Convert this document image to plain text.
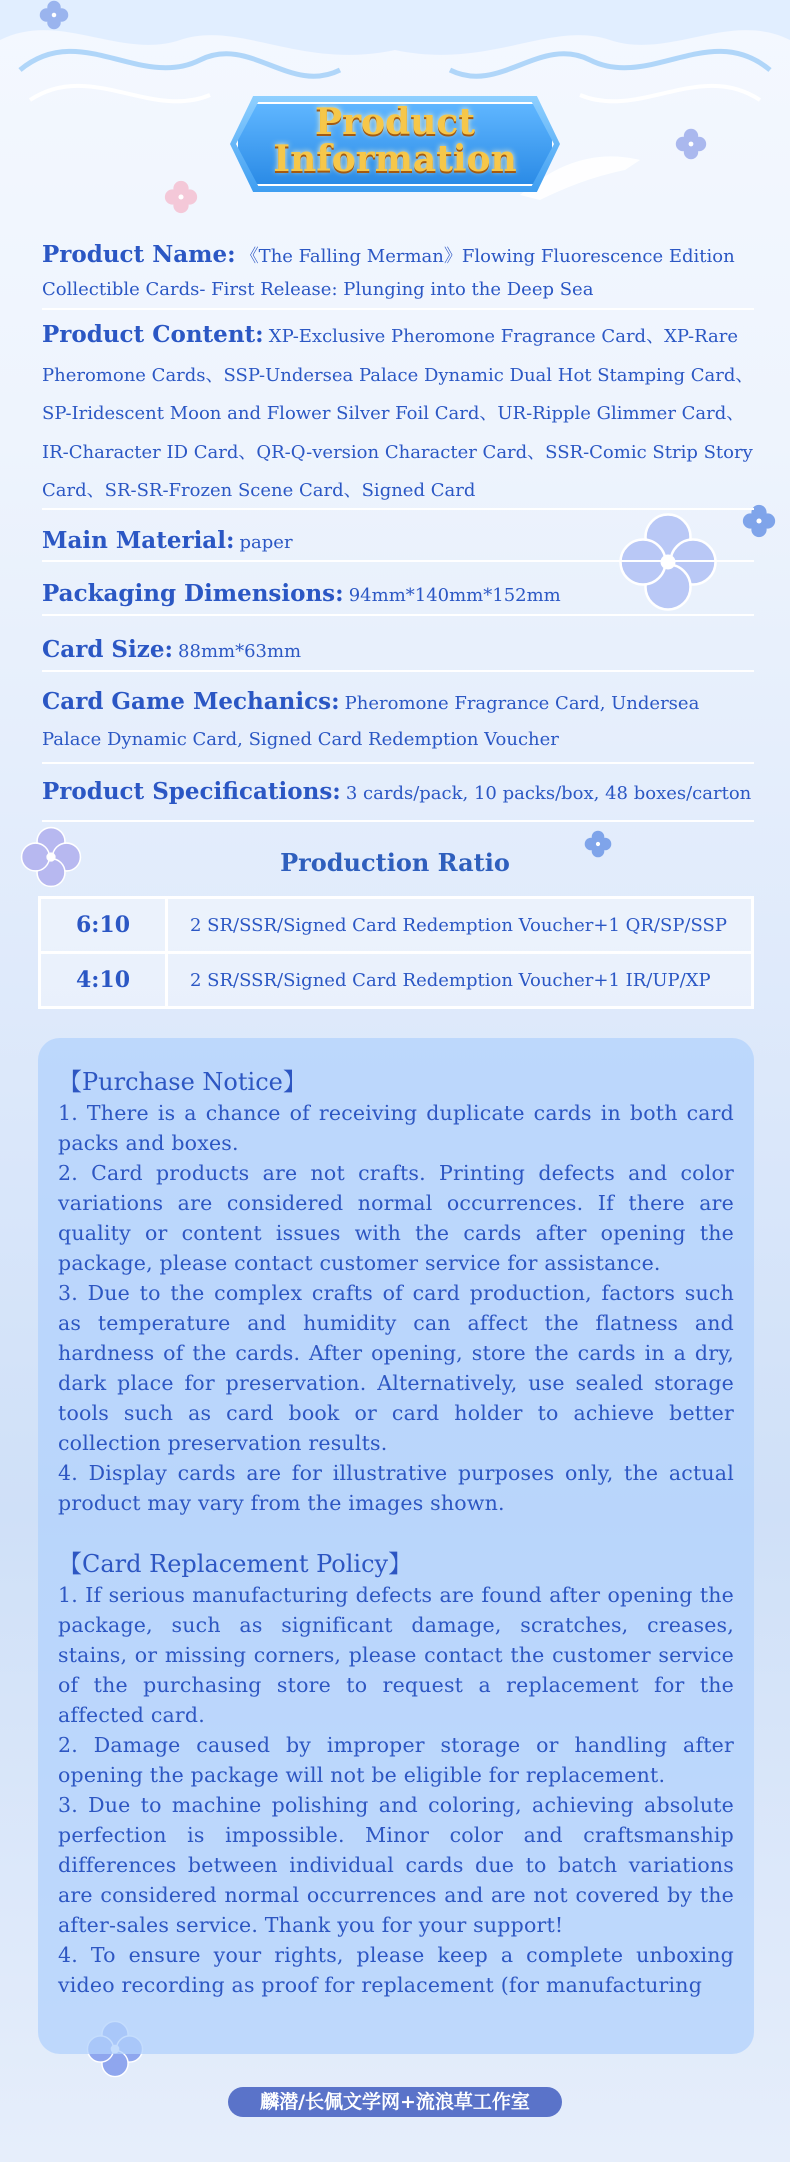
Product
Information

Product Name: 《The Falling Merman》Flowing Fluorescence Edition Collectible Cards- First Release: Plunging into the Deep Sea

Product Content: XP-Exclusive Pheromone Fragrance Card、XP-Rare Pheromone Cards、SSP-Undersea Palace Dynamic Dual Hot Stamping Card、SP-Iridescent Moon and Flower Silver Foil Card、UR-Ripple Glimmer Card、IR-Character ID Card、QR-Q-version Character Card、SSR-Comic Strip Story Card、SR-SR-Frozen Scene Card、Signed Card

Main Material: paper

Packaging Dimensions: 94mm*140mm*152mm

Card Size: 88mm*63mm

Card Game Mechanics: Pheromone Fragrance Card, Undersea Palace Dynamic Card, Signed Card Redemption Voucher

Product Specifications: 3 cards/pack, 10 packs/box, 48 boxes/carton

Production Ratio
6:10	2 SR/SSR/Signed Card Redemption Voucher+1 QR/SP/SSP
4:10	2 SR/SSR/Signed Card Redemption Voucher+1 IR/UP/XP
【Purchase Notice】

1. There is a chance of receiving duplicate cards in both card packs and boxes.

2. Card products are not crafts. Printing defects and color variations are considered normal occurrences. If there are quality or content issues with the cards after opening the package, please contact customer service for assistance.

3. Due to the complex crafts of card production, factors such as temperature and humidity can affect the flatness and hardness of the cards. After opening, store the cards in a dry, dark place for preservation. Alternatively, use sealed storage tools such as card book or card holder to achieve better collection preservation results.

4. Display cards are for illustrative purposes only, the actual product may vary from the images shown.

【Card Replacement Policy】

1. If serious manufacturing defects are found after opening the package, such as significant damage, scratches, creases, stains, or missing corners, please contact the customer service of the purchasing store to request a replacement for the affected card.

2. Damage caused by improper storage or handling after opening the package will not be eligible for replacement.

3. Due to machine polishing and coloring, achieving absolute perfection is impossible. Minor color and craftsmanship differences between individual cards due to batch variations are considered normal occurrences and are not covered by the after-sales service. Thank you for your support!

4. To ensure your rights, please keep a complete unboxing video recording as proof for replacement (for manufacturing

麟潜/长佩文学网+流浪草工作室
